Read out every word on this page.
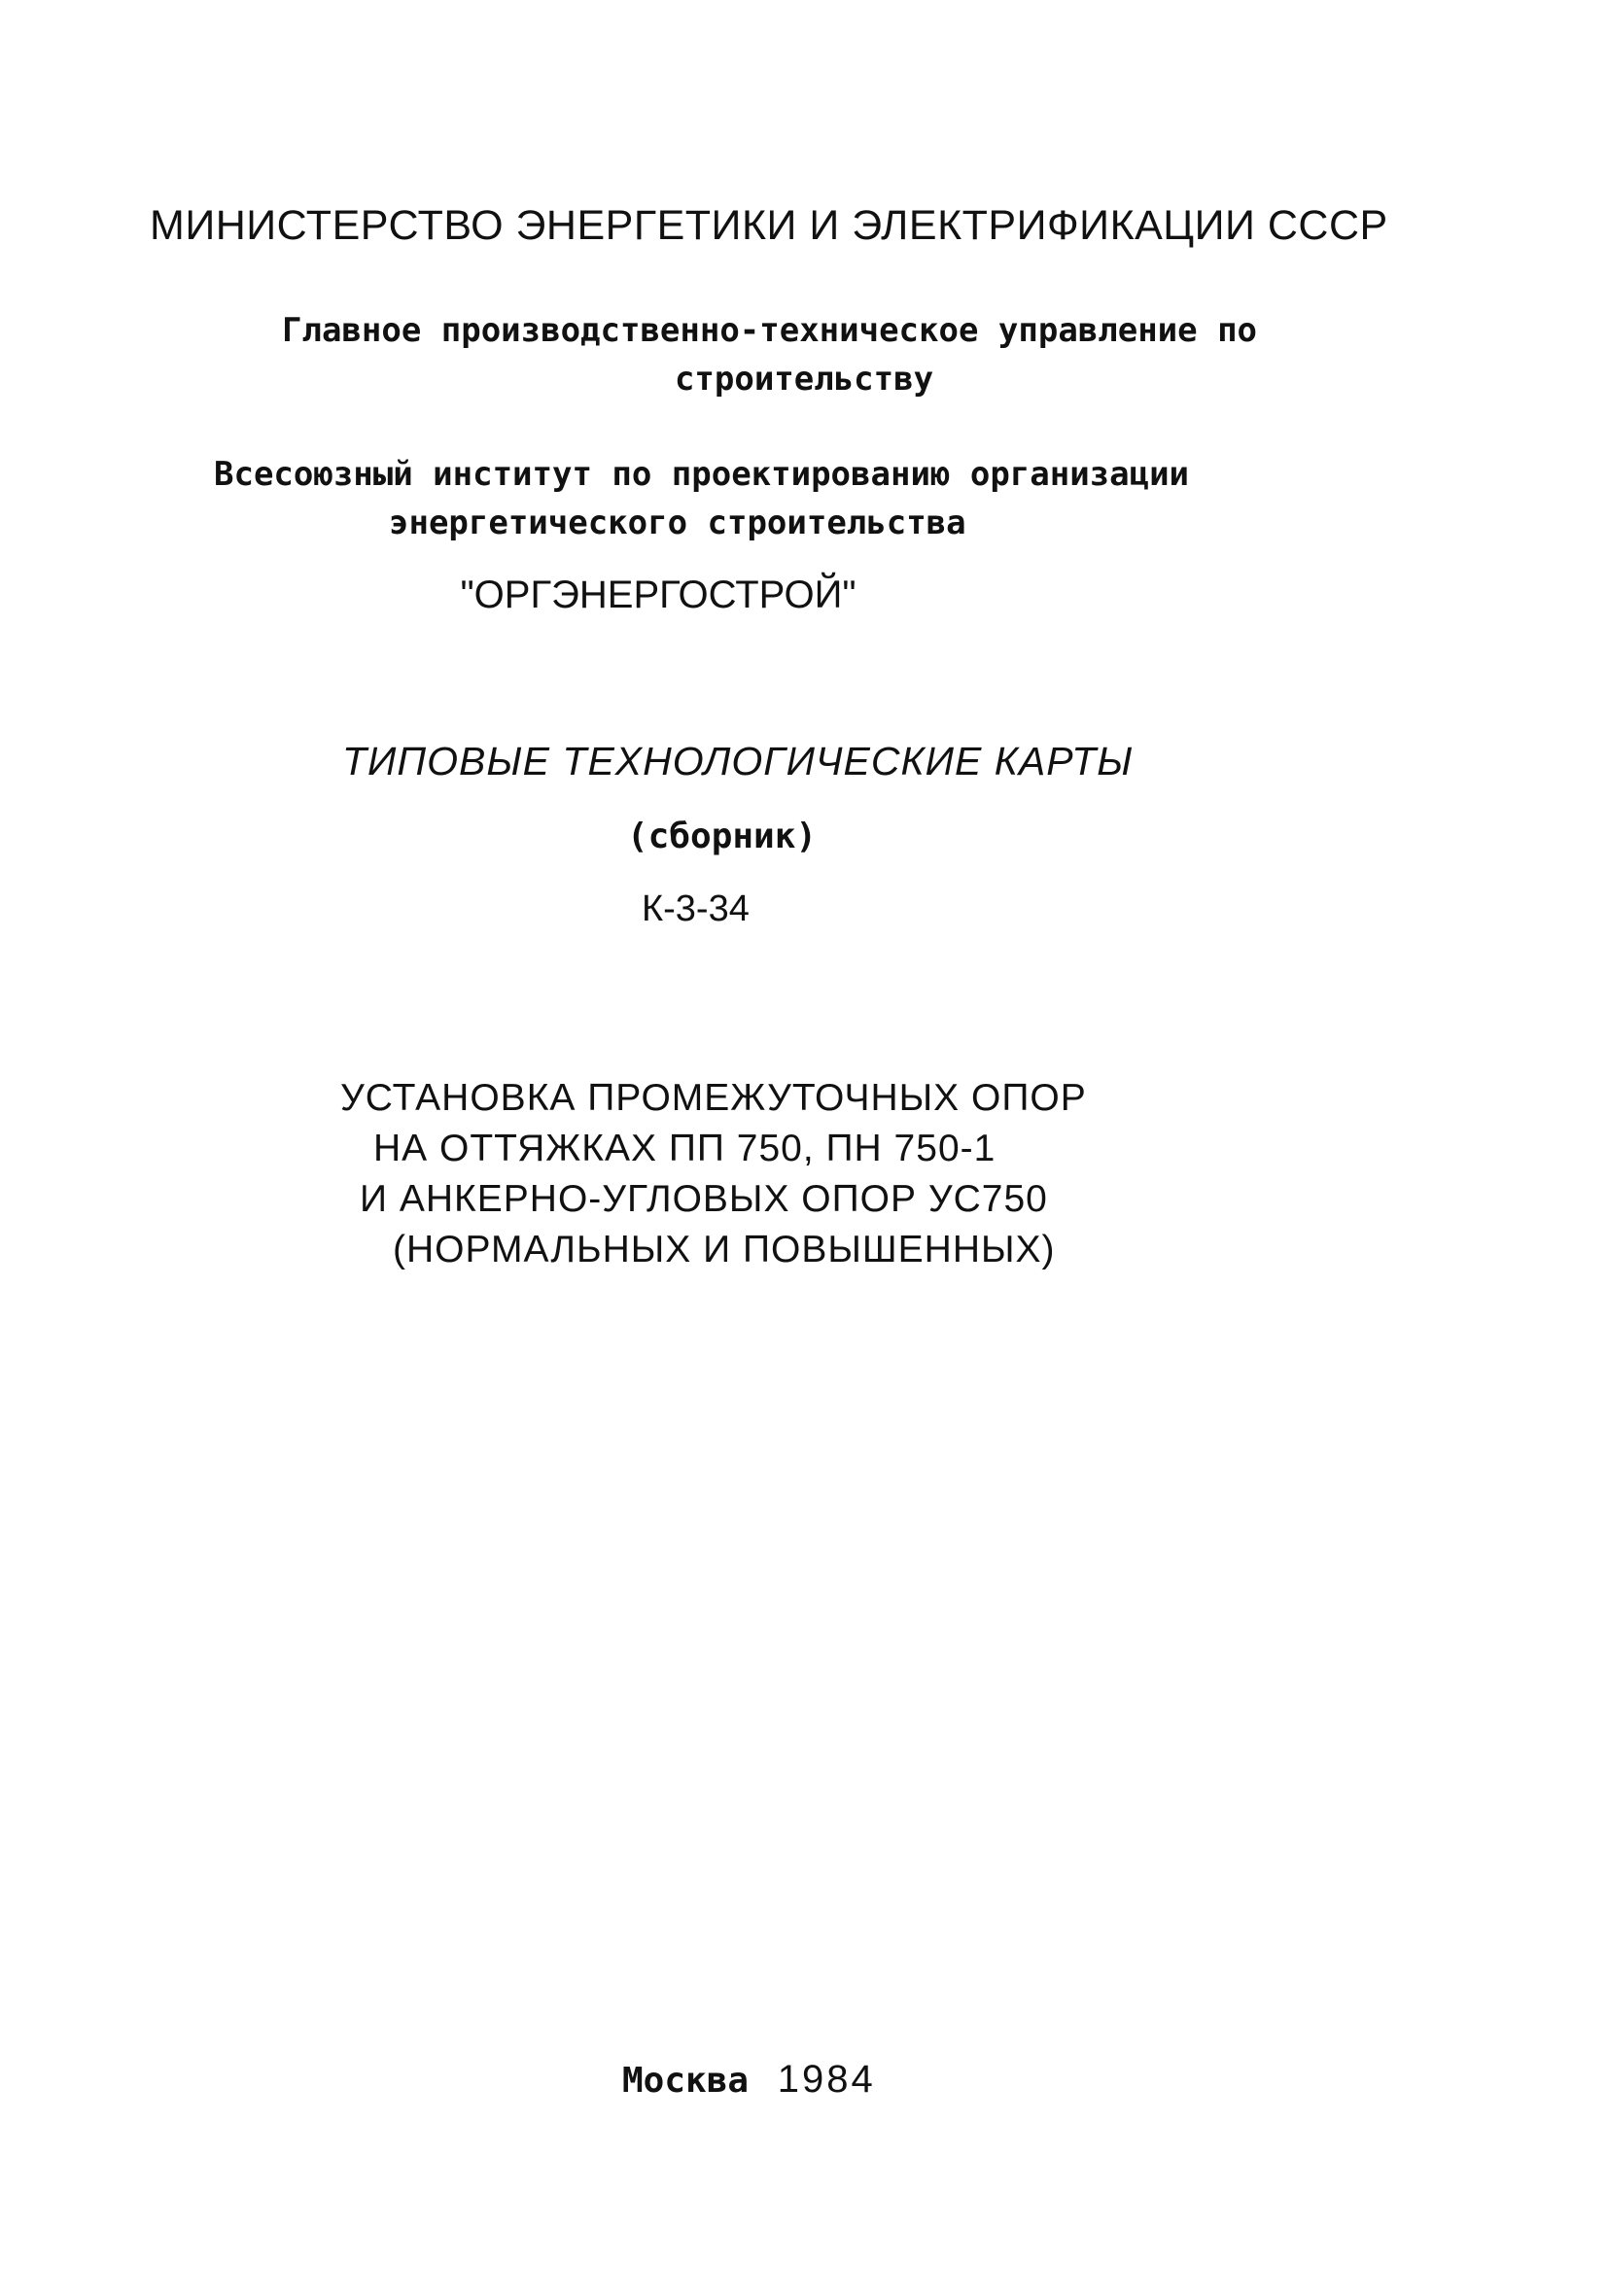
МИНИСТЕРСТВО ЭНЕРГЕТИКИ И ЭЛЕКТРИФИКАЦИИ СССР
Главное производственно-техническое управление по
строительству
Всесоюзный институт по проектированию организации
энергетического строительства
"ОРГЭНЕРГОСТРОЙ"
ТИПОВЫЕ ТЕХНОЛОГИЧЕСКИЕ КАРТЫ
(сборник)
К-3-34
УСТАНОВКА ПРОМЕЖУТОЧНЫХ ОПОР
НА ОТТЯЖКАХ ПП 750, ПН 750-1
И АНКЕРНО-УГЛОВЫХ ОПОР УС750
(НОРМАЛЬНЫХ И ПОВЫШЕННЫХ)
Москва 1984
